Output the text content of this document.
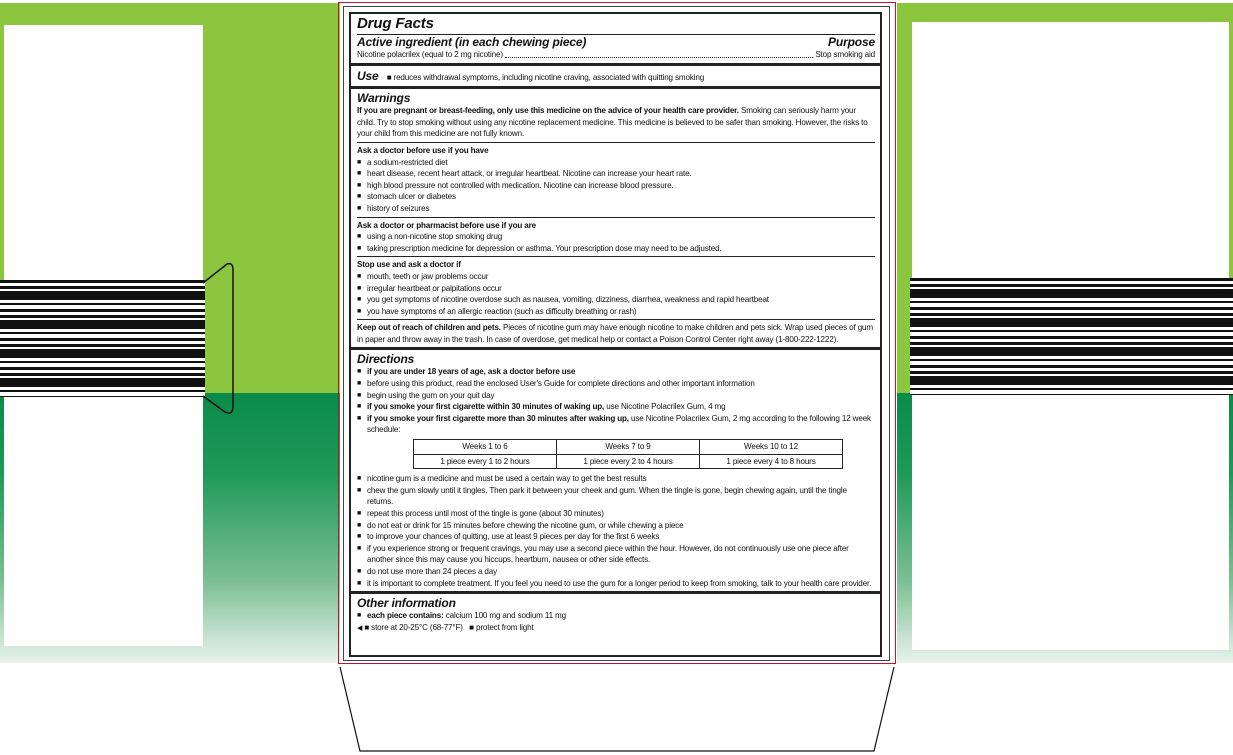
Drug Facts
Active ingredient (in each chewing piece)	Purpose
Nicotine polacrilex (equal to 2 mg nicotine)	Stop smoking aid
Use ■ reduces withdrawal symptoms, including nicotine craving, associated with quitting smoking
Warnings
If you are pregnant or breast-feeding, only use this medicine on the advice of your health care provider. Smoking can seriously harm your child. Try to stop smoking without using any nicotine replacement medicine. This medicine is believed to be safer than smoking. However, the risks to your child from this medicine are not fully known.
Ask a doctor before use if you have
■ a sodium-restricted diet
■ heart disease, recent heart attack, or irregular heartbeat. Nicotine can increase your heart rate.
■ high blood pressure not controlled with medication. Nicotine can increase blood pressure.
■ stomach ulcer or diabetes
■ history of seizures
Ask a doctor or pharmacist before use if you are
■ using a non-nicotine stop smoking drug
■ taking prescription medicine for depression or asthma. Your prescription dose may need to be adjusted.
Stop use and ask a doctor if
■ mouth, teeth or jaw problems occur
■ irregular heartbeat or palpitations occur
■ you get symptoms of nicotine overdose such as nausea, vomiting, dizziness, diarrhea, weakness and rapid heartbeat
■ you have symptoms of an allergic reaction (such as difficulty breathing or rash)
Keep out of reach of children and pets. Pieces of nicotine gum may have enough nicotine to make children and pets sick. Wrap used pieces of gum in paper and throw away in the trash. In case of overdose, get medical help or contact a Poison Control Center right away (1-800-222-1222).
Directions
■ if you are under 18 years of age, ask a doctor before use
■ before using this product, read the enclosed User's Guide for complete directions and other important information
■ begin using the gum on your quit day
■ if you smoke your first cigarette within 30 minutes of waking up, use Nicotine Polacrilex Gum, 4 mg
■ if you smoke your first cigarette more than 30 minutes after waking up, use Nicotine Polacrilex Gum, 2 mg according to the following 12 week schedule:
Weeks 1 to 6	Weeks 7 to 9	Weeks 10 to 12
1 piece every 1 to 2 hours	1 piece every 2 to 4 hours	1 piece every 4 to 8 hours
■ nicotine gum is a medicine and must be used a certain way to get the best results
■ chew the gum slowly until it tingles. Then park it between your cheek and gum. When the tingle is gone, begin chewing again, until the tingle returns.
■ repeat this process until most of the tingle is gone (about 30 minutes)
■ do not eat or drink for 15 minutes before chewing the nicotine gum, or while chewing a piece
■ to improve your chances of quitting, use at least 9 pieces per day for the first 6 weeks
■ if you experience strong or frequent cravings, you may use a second piece within the hour. However, do not continuously use one piece after another since this may cause you hiccups, heartburn, nausea or other side effects.
■ do not use more than 24 pieces a day
■ it is important to complete treatment. If you feel you need to use the gum for a longer period to keep from smoking, talk to your health care provider.
Other information
■ each piece contains: calcium 100 mg and sodium 11 mg
◀ ■ store at 20-25°C (68-77°F)   ■ protect from light
